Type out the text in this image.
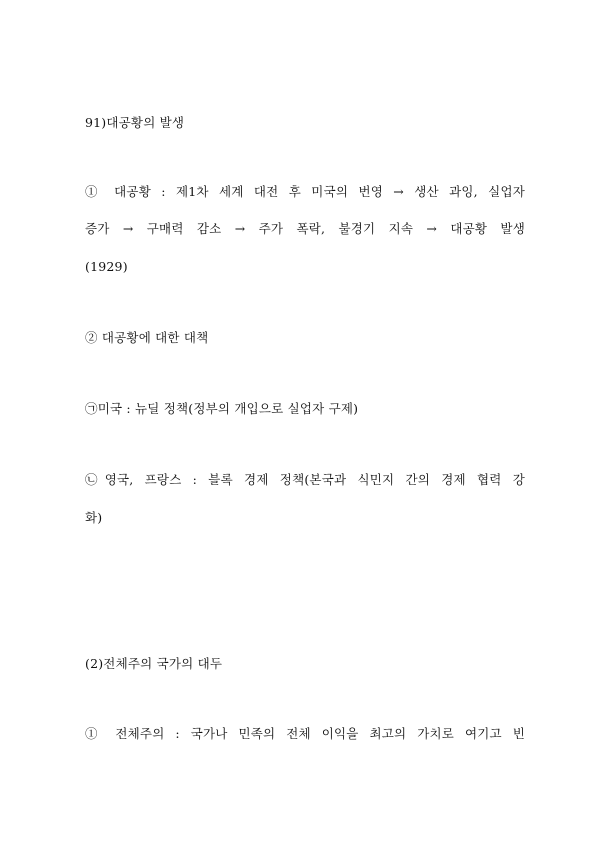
91)대공황의 발생
① 대공황 : 제1차 세계 대전 후 미국의 번영 → 생산 과잉, 실업자
증가 → 구매력 감소 → 주가 폭락, 불경기 지속 → 대공황 발생
(1929)
② 대공황에 대한 대책
㉠미국 : 뉴딜 정책(정부의 개입으로 실업자 구제)
㉡영국, 프랑스 : 블록 경제 정책(본국과 식민지 간의 경제 협력 강
화)
(2)전체주의 국가의 대두
① 전체주의 : 국가나 민족의 전체 이익을 최고의 가치로 여기고 빈
